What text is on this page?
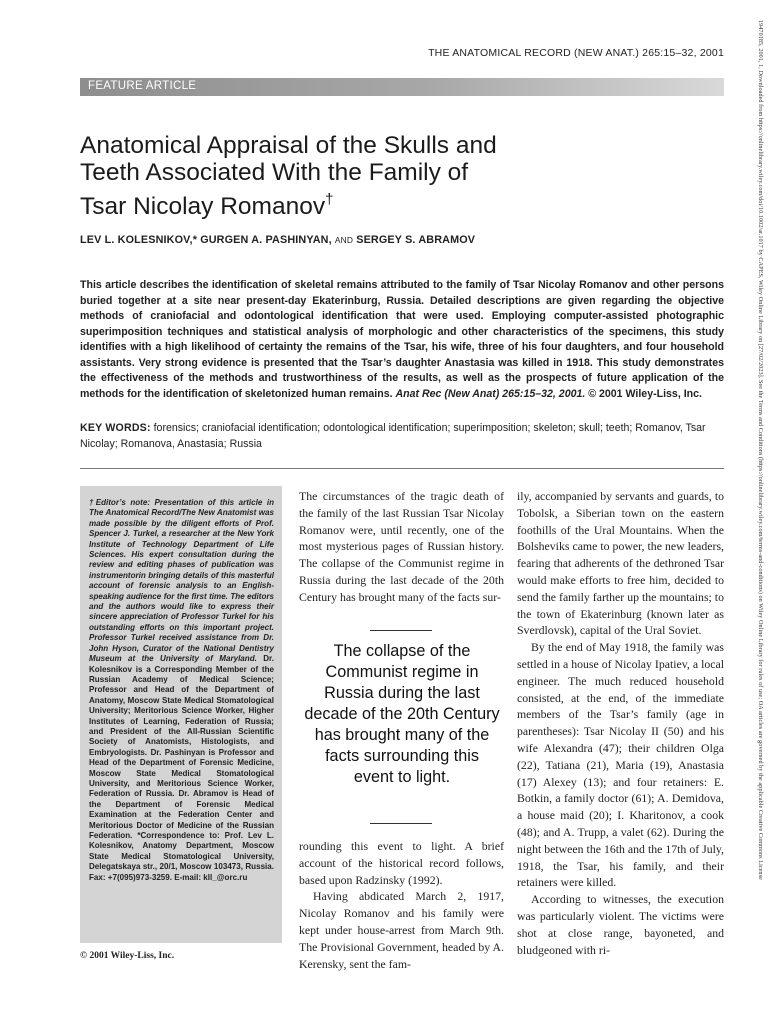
19470185, 2001, 1, Downloaded from https://onlinelibrary.wiley.com/doi/10.1002/ar.1017 by CAPES, Wiley Online Library on [27/02/2023]. See the Terms and Conditions (https://onlinelibrary.wiley.com/terms-and-conditions) on Wiley Online Library for rules of use; OA articles are governed by the applicable Creative Commons License
THE ANATOMICAL RECORD (NEW ANAT.) 265:15–32, 2001
FEATURE ARTICLE
Anatomical Appraisal of the Skulls and
Teeth Associated With the Family of
Tsar Nicolay Romanov†
LEV L. KOLESNIKOV,* GURGEN A. PASHINYAN, AND SERGEY S. ABRAMOV

This article describes the identification of skeletal remains attributed to the family of Tsar Nicolay Romanov and other persons buried together at a site near present-day Ekaterinburg, Russia. Detailed descriptions are given regarding the objective methods of craniofacial and odontological identification that were used. Employing computer-assisted photographic superimposition techniques and statistical analysis of morphologic and other characteristics of the specimens, this study identifies with a high likelihood of certainty the remains of the Tsar, his wife, three of his four daughters, and four household assistants. Very strong evidence is presented that the Tsar’s daughter Anastasia was killed in 1918. This study demonstrates the effectiveness of the methods and trustworthiness of the results, as well as the prospects of future application of the methods for the identification of skeletonized human remains. Anat Rec (New Anat) 265:15–32, 2001. © 2001 Wiley-Liss, Inc.

KEY WORDS: forensics; craniofacial identification; odontological identification; superimposition; skeleton; skull; teeth; Romanov, Tsar Nicolay; Romanova, Anastasia; Russia

†Editor’s note: Presentation of this article in The Anatomical Record/The New Anatomist was made possible by the diligent efforts of Prof. Spencer J. Turkel, a researcher at the New York Institute of Technology Department of Life Sciences. His expert consultation during the review and editing phases of publication was instrumentorin bringing details of this masterful account of forensic analysis to an English-speaking audience for the first time. The editors and the authors would like to express their sincere appreciation of Professor Turkel for his outstanding efforts on this important project. Professor Turkel received assistance from Dr. John Hyson, Curator of the National Dentistry Museum at the University of Maryland. Dr. Kolesnikov is a Corresponding Member of the Russian Academy of Medical Science; Professor and Head of the Department of Anatomy, Moscow State Medical Stomatological University; Meritorious Science Worker, Higher Institutes of Learning, Federation of Russia; and President of the All-Russian Scientific Society of Anatomists, Histologists, and Embryologists. Dr. Pashinyan is Professor and Head of the Department of Forensic Medicine, Moscow State Medical Stomatological University, and Meritorious Science Worker, Federation of Russia. Dr. Abramov is Head of the Department of Forensic Medical Examination at the Federation Center and Meritorious Doctor of Medicine of the Russian Federation. *Correspondence to: Prof. Lev L. Kolesnikov, Anatomy Department, Moscow State Medical Stomatological University, Delegatskaya str., 20/1, Moscow 103473, Russia. Fax: +7(095)973-3259. E-mail: kll_@orc.ru

© 2001 Wiley-Liss, Inc.

The circumstances of the tragic death of the family of the last Russian Tsar Nicolay Romanov were, until recently, one of the most mysterious pages of Russian history. The collapse of the Communist regime in Russia during the last decade of the 20th Century has brought many of the facts sur-

The collapse of the Communist regime in Russia during the last decade of the 20th Century has brought many of the facts surrounding this event to light.

rounding this event to light. A brief account of the historical record follows, based upon Radzinsky (1992).

Having abdicated March 2, 1917, Nicolay Romanov and his family were kept under house-arrest from March 9th. The Provisional Government, headed by A. Kerensky, sent the fam-

ily, accompanied by servants and guards, to Tobolsk, a Siberian town on the eastern foothills of the Ural Mountains. When the Bolsheviks came to power, the new leaders, fearing that adherents of the dethroned Tsar would make efforts to free him, decided to send the family farther up the mountains; to the town of Ekaterinburg (known later as Sverdlovsk), capital of the Ural Soviet.

By the end of May 1918, the family was settled in a house of Nicolay Ipatiev, a local engineer. The much reduced household consisted, at the end, of the immediate members of the Tsar’s family (age in parentheses): Tsar Nicolay II (50) and his wife Alexandra (47); their children Olga (22), Tatiana (21), Maria (19), Anastasia (17) Alexey (13); and four retainers: E. Botkin, a family doctor (61); A. Demidova, a house maid (20); I. Kharitonov, a cook (48); and A. Trupp, a valet (62). During the night between the 16th and the 17th of July, 1918, the Tsar, his family, and their retainers were killed.

According to witnesses, the execution was particularly violent. The victims were shot at close range, bayoneted, and bludgeoned with ri-
